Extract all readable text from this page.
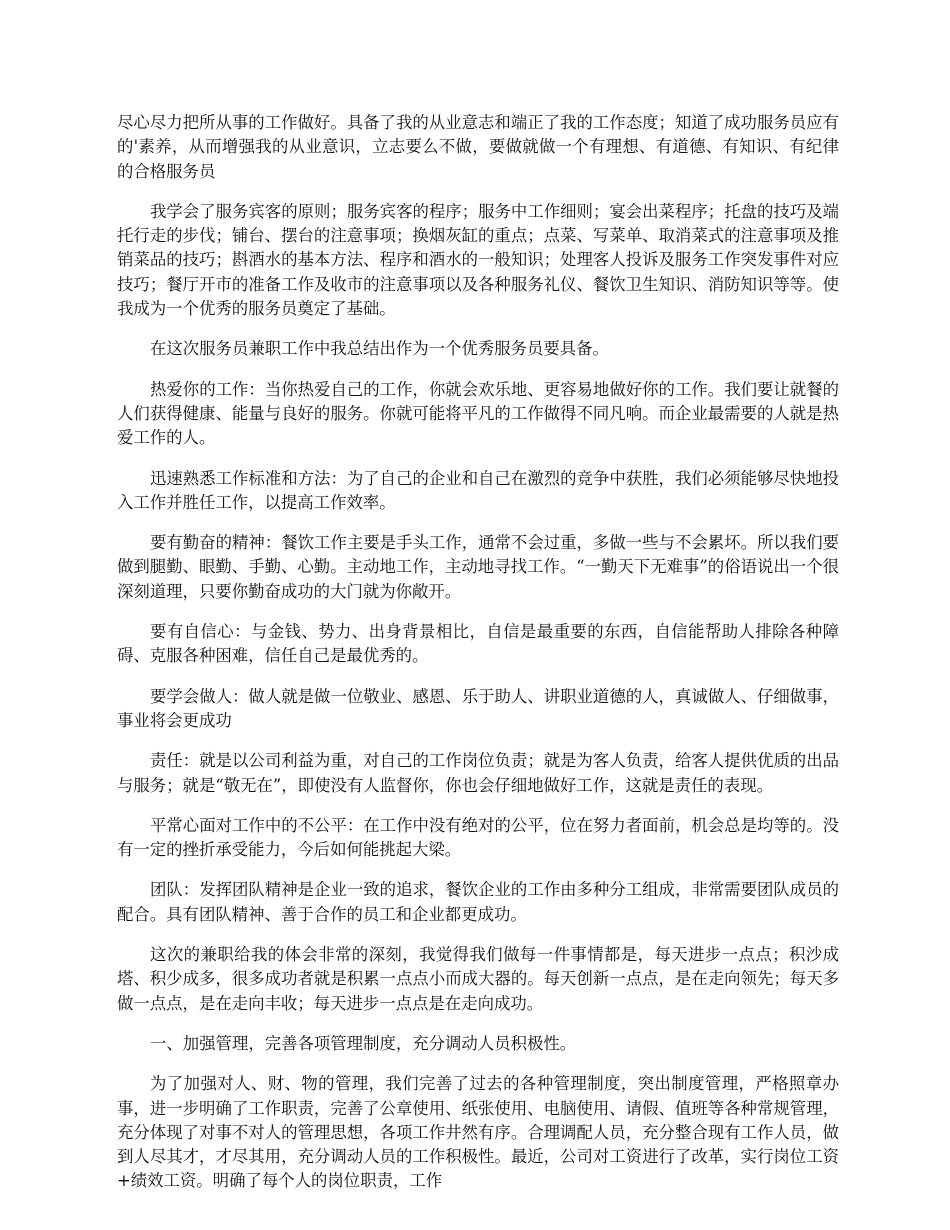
尽心尽力把所从事的工作做好。具备了我的从业意志和端正了我的工作态度；知道了成功服务员应有的'素养，从而增强我的从业意识，立志要么不做，要做就做一个有理想、有道德、有知识、有纪律的合格服务员

我学会了服务宾客的原则；服务宾客的程序；服务中工作细则；宴会出菜程序；托盘的技巧及端托行走的步伐；铺台、摆台的注意事项；换烟灰缸的重点；点菜、写菜单、取消菜式的注意事项及推销菜品的技巧；斟酒水的基本方法、程序和酒水的一般知识；处理客人投诉及服务工作突发事件对应技巧；餐厅开市的准备工作及收市的注意事项以及各种服务礼仪、餐饮卫生知识、消防知识等等。使我成为一个优秀的服务员奠定了基础。

在这次服务员兼职工作中我总结出作为一个优秀服务员要具备。

热爱你的工作：当你热爱自己的工作，你就会欢乐地、更容易地做好你的工作。我们要让就餐的人们获得健康、能量与良好的服务。你就可能将平凡的工作做得不同凡响。而企业最需要的人就是热爱工作的人。

迅速熟悉工作标准和方法：为了自己的企业和自己在激烈的竞争中获胜，我们必须能够尽快地投入工作并胜任工作，以提高工作效率。

要有勤奋的精神：餐饮工作主要是手头工作，通常不会过重，多做一些与不会累坏。所以我们要做到腿勤、眼勤、手勤、心勤。主动地工作，主动地寻找工作。“一勤天下无难事”的俗语说出一个很深刻道理，只要你勤奋成功的大门就为你敞开。

要有自信心：与金钱、势力、出身背景相比，自信是最重要的东西，自信能帮助人排除各种障碍、克服各种困难，信任自己是最优秀的。

要学会做人：做人就是做一位敬业、感恩、乐于助人、讲职业道德的人，真诚做人、仔细做事，事业将会更成功

责任：就是以公司利益为重，对自己的工作岗位负责；就是为客人负责，给客人提供优质的出品与服务；就是“敬无在”，即使没有人监督你，你也会仔细地做好工作，这就是责任的表现。

平常心面对工作中的不公平：在工作中没有绝对的公平，位在努力者面前，机会总是均等的。没有一定的挫折承受能力，今后如何能挑起大梁。

团队：发挥团队精神是企业一致的追求，餐饮企业的工作由多种分工组成，非常需要团队成员的配合。具有团队精神、善于合作的员工和企业都更成功。

这次的兼职给我的体会非常的深刻，我觉得我们做每一件事情都是，每天进步一点点；积沙成塔、积少成多，很多成功者就是积累一点点小而成大器的。每天创新一点点，是在走向领先；每天多做一点点，是在走向丰收；每天进步一点点是在走向成功。

一、加强管理，完善各项管理制度，充分调动人员积极性。

为了加强对人、财、物的管理，我们完善了过去的各种管理制度，突出制度管理，严格照章办事，进一步明确了工作职责，完善了公章使用、纸张使用、电脑使用、请假、值班等各种常规管理，充分体现了对事不对人的管理思想，各项工作井然有序。合理调配人员，充分整合现有工作人员，做到人尽其才，才尽其用，充分调动人员的工作积极性。最近，公司对工资进行了改革，实行岗位工资+绩效工资。明确了每个人的岗位职责，工作
